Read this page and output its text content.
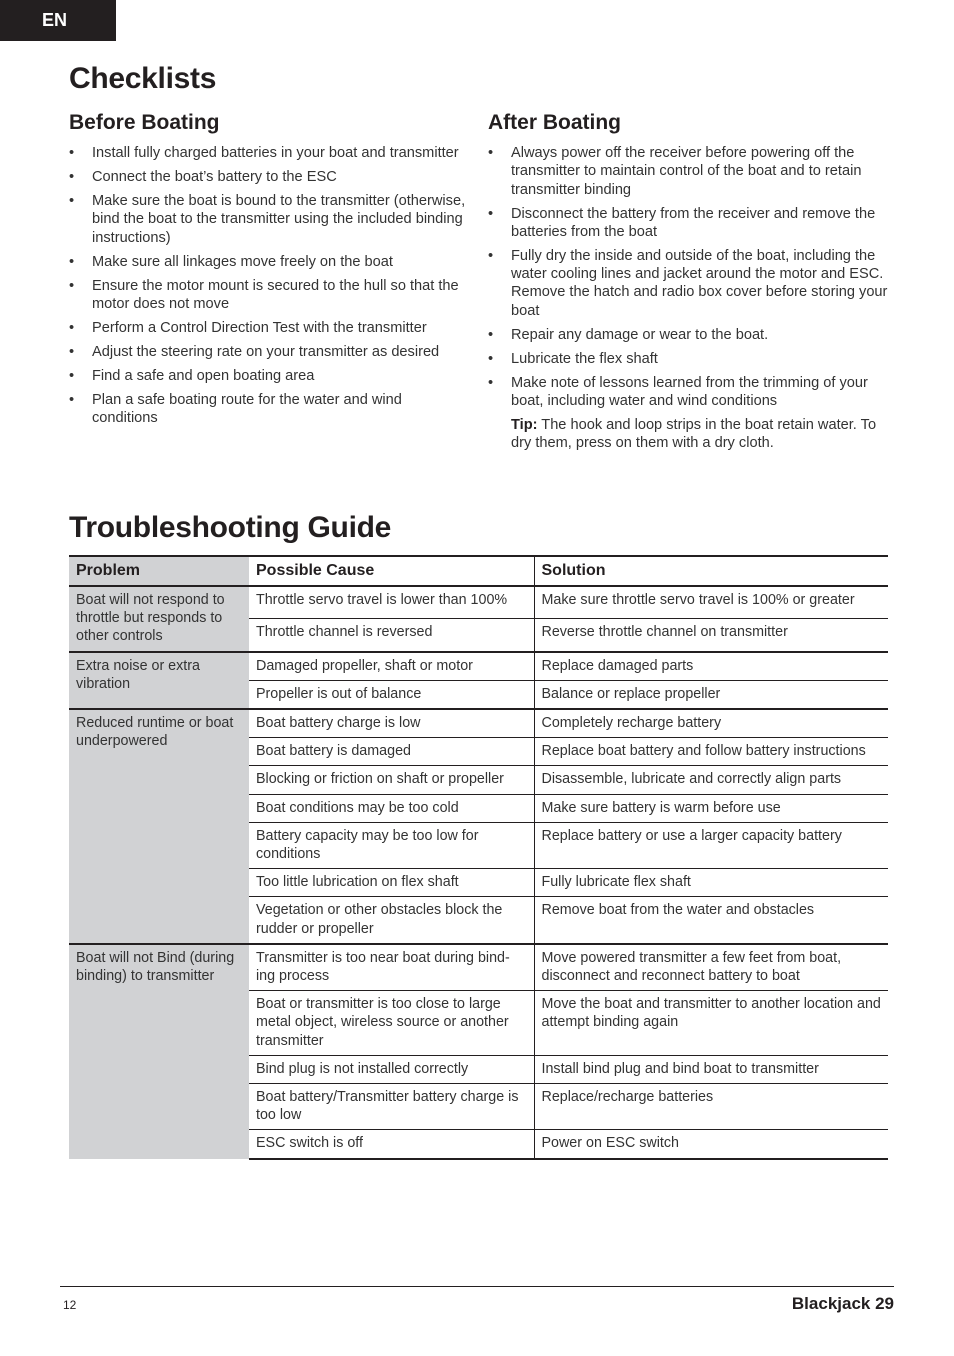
EN
Checklists
Before Boating
• Install fully charged batteries in your boat and transmitter
• Connect the boat’s battery to the ESC
• Make sure the boat is bound to the transmitter (otherwise, bind the boat to the transmitter using the included binding instructions)
• Make sure all linkages move freely on the boat
• Ensure the motor mount is secured to the hull so that the motor does not move
• Perform a Control Direction Test with the transmitter
• Adjust the steering rate on your transmitter as desired
• Find a safe and open boating area
• Plan a safe boating route for the water and wind conditions
After Boating
• Always power off the receiver before powering off the transmitter to maintain control of the boat and to retain transmitter binding
• Disconnect the battery from the receiver and remove the batteries from the boat
• Fully dry the inside and outside of the boat, including the water cooling lines and jacket around the motor and ESC. Remove the hatch and radio box cover before storing your boat
• Repair any damage or wear to the boat.
• Lubricate the flex shaft
• Make note of lessons learned from the trimming of your boat, including water and wind conditions
Tip: The hook and loop strips in the boat retain water. To dry them, press on them with a dry cloth.
Troubleshooting Guide
Problem	Possible Cause	Solution
Boat will not respond to throttle but responds to other controls	Throttle servo travel is lower than 100%	Make sure throttle servo travel is 100% or greater
	Throttle channel is reversed	Reverse throttle channel on transmitter
Extra noise or extra vibration	Damaged propeller, shaft or motor	Replace damaged parts
	Propeller is out of balance	Balance or replace propeller
Reduced runtime or boat underpowered	Boat battery charge is low	Completely recharge battery
	Boat battery is damaged	Replace boat battery and follow battery instructions
	Blocking or friction on shaft or propeller	Disassemble, lubricate and correctly align parts
	Boat conditions may be too cold	Make sure battery is warm before use
	Battery capacity may be too low for conditions	Replace battery or use a larger capacity battery
	Too little lubrication on flex shaft	Fully lubricate flex shaft
	Vegetation or other obstacles block the rudder or propeller	Remove boat from the water and obstacles
Boat will not Bind (during binding) to transmitter	Transmitter is too near boat during bind-ing process	Move powered transmitter a few feet from boat, disconnect and reconnect battery to boat
	Boat or transmitter is too close to large metal object, wireless source or another transmitter	Move the boat and transmitter to another location and attempt binding again
	Bind plug is not installed correctly	Install bind plug and bind boat to transmitter
	Boat battery/Transmitter battery charge is too low	Replace/recharge batteries
	ESC switch is off	Power on ESC switch
12	Blackjack 29
